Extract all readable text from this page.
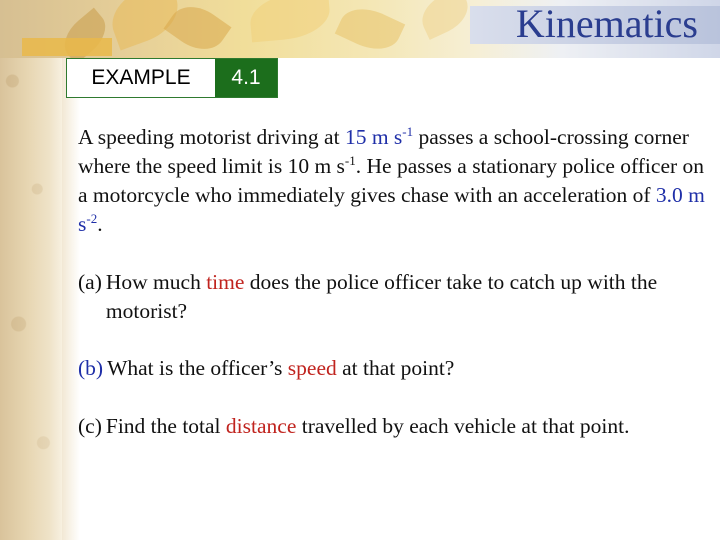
Kinematics
EXAMPLE	4.1

A speeding motorist driving at 15 m $s^{-1}$ passes a school-crossing corner where the speed limit is 10 m $s^{-1}$. He passes a stationary police officer on a motorcycle who immediately gives chase with an acceleration of 3.0 m $s^{-2}$.

(a) How much time does the police officer take to catch up with the motorist?

(b) What is the officer’s speed at that point?

(c) Find the total distance travelled by each vehicle at that point.
